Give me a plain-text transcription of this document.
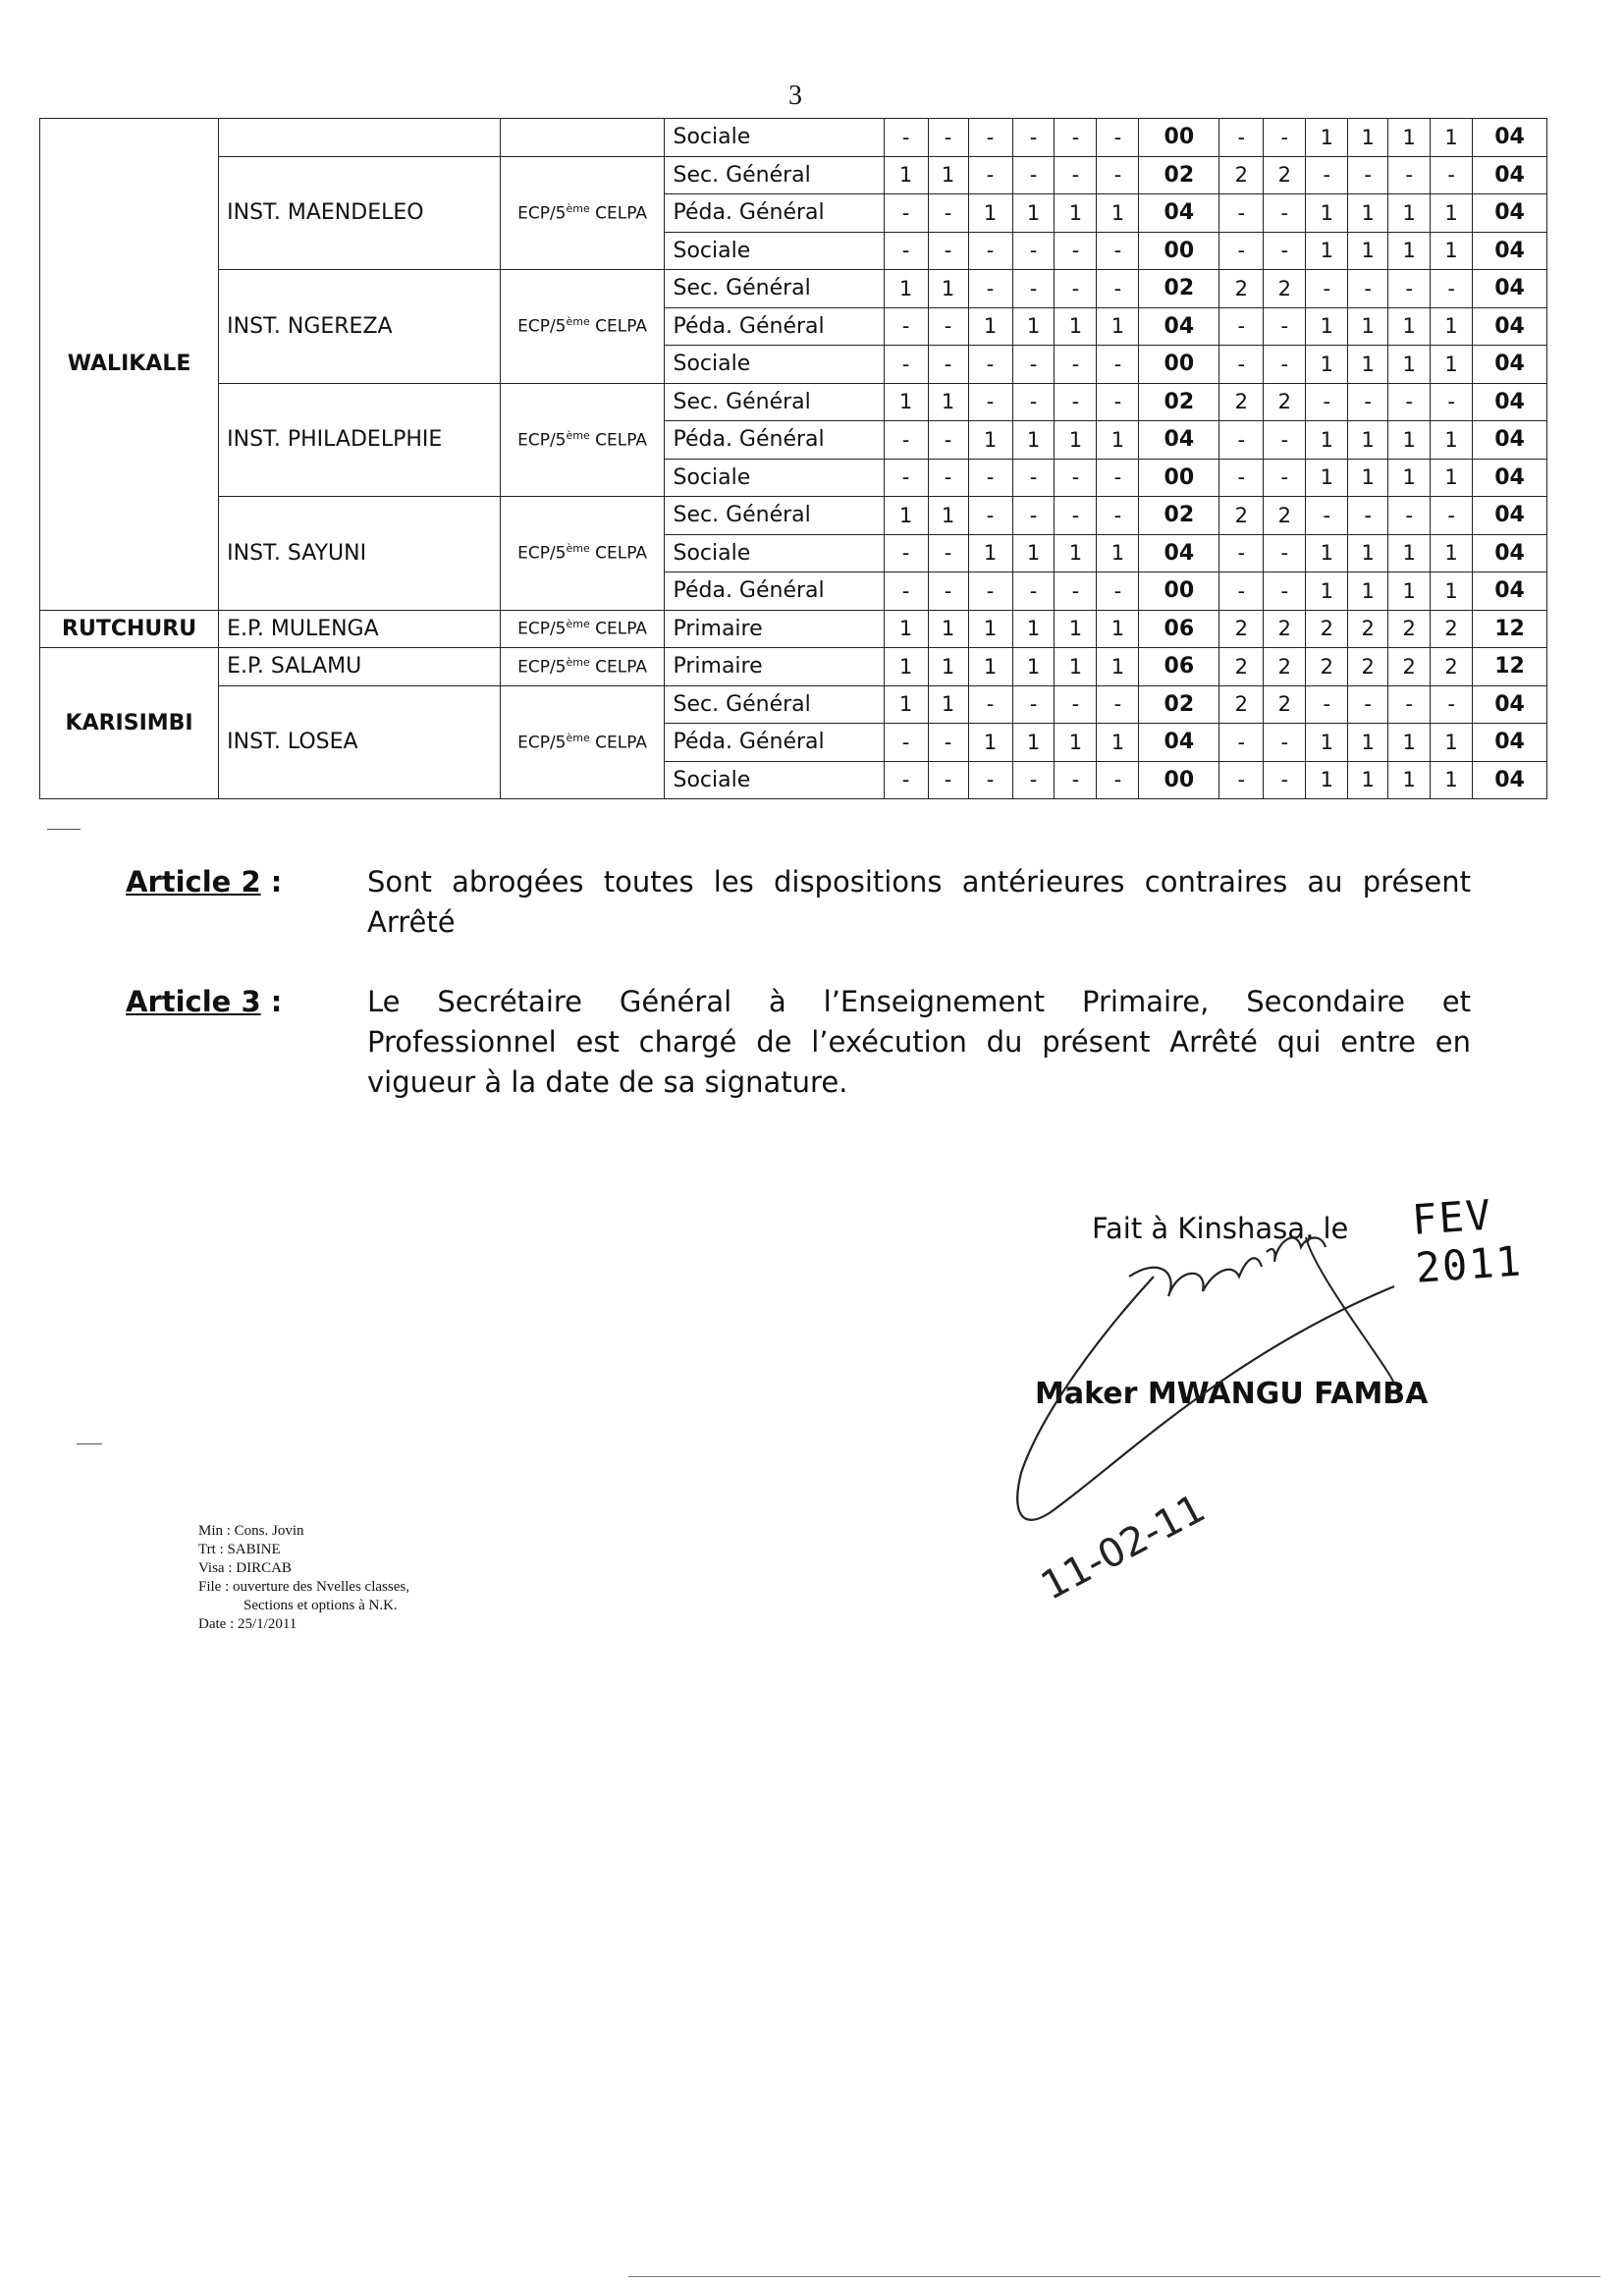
3
WALIKALE			Sociale	-	-	-	-	-	-	00	-	-	1	1	1	1	04
	INST. MAENDELEO	ECP/5ème CELPA	Sec. Général	1	1	-	-	-	-	02	2	2	-	-	-	-	04
			Péda. Général	-	-	1	1	1	1	04	-	-	1	1	1	1	04
			Sociale	-	-	-	-	-	-	00	-	-	1	1	1	1	04
	INST. NGEREZA	ECP/5ème CELPA	Sec. Général	1	1	-	-	-	-	02	2	2	-	-	-	-	04
			Péda. Général	-	-	1	1	1	1	04	-	-	1	1	1	1	04
			Sociale	-	-	-	-	-	-	00	-	-	1	1	1	1	04
	INST. PHILADELPHIE	ECP/5ème CELPA	Sec. Général	1	1	-	-	-	-	02	2	2	-	-	-	-	04
			Péda. Général	-	-	1	1	1	1	04	-	-	1	1	1	1	04
			Sociale	-	-	-	-	-	-	00	-	-	1	1	1	1	04
	INST. SAYUNI	ECP/5ème CELPA	Sec. Général	1	1	-	-	-	-	02	2	2	-	-	-	-	04
			Sociale	-	-	1	1	1	1	04	-	-	1	1	1	1	04
			Péda. Général	-	-	-	-	-	-	00	-	-	1	1	1	1	04
RUTCHURU	E.P. MULENGA	ECP/5ème CELPA	Primaire	1	1	1	1	1	1	06	2	2	2	2	2	2	12
KARISIMBI	E.P. SALAMU	ECP/5ème CELPA	Primaire	1	1	1	1	1	1	06	2	2	2	2	2	2	12
	INST. LOSEA	ECP/5ème CELPA	Sec. Général	1	1	-	-	-	-	02	2	2	-	-	-	-	04
			Péda. Général	-	-	1	1	1	1	04	-	-	1	1	1	1	04
			Sociale	-	-	-	-	-	-	00	-	-	1	1	1	1	04
Article 2 :	Sont abrogées toutes les dispositions antérieures contraires au présent Arrêté
Article 3 :	Le Secrétaire Général à l’Enseignement Primaire, Secondaire et Professionnel est chargé de l’exécution du présent Arrêté qui entre en vigueur à la date de sa signature.
Fait à Kinshasa, le FEV 2011
Maker MWANGU FAMBA
11-02-11
Min : Cons. Jovin
Trt : SABINE
Visa : DIRCAB
File : ouverture des Nvelles classes,
Sections et options à N.K.
Date : 25/1/2011
